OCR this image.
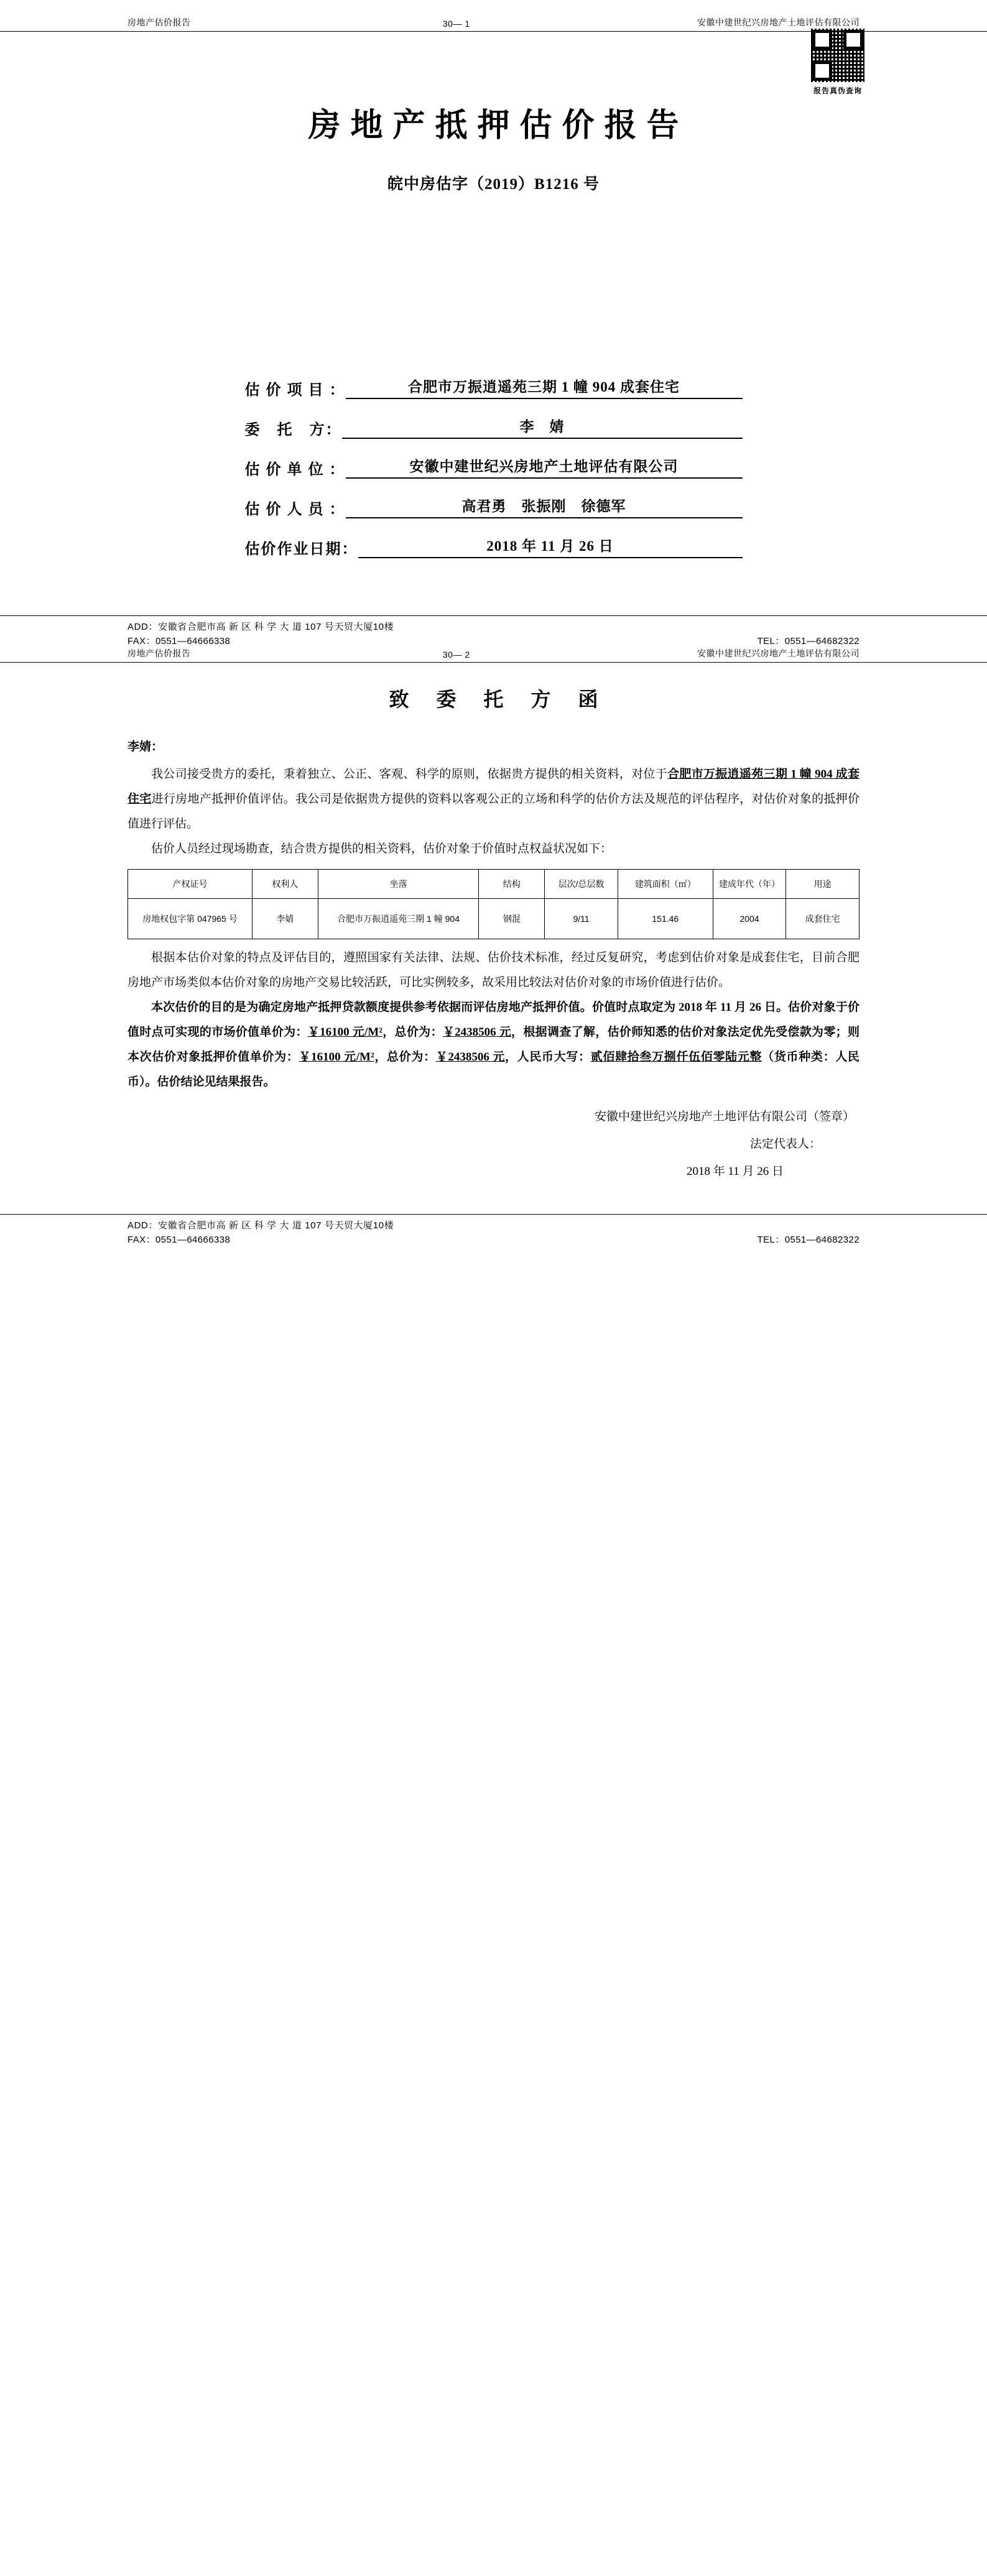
房地产估价报告	30— 1	安徽中建世纪兴房地产土地评估有限公司
报告真伪查询
房地产抵押估价报告
皖中房估字（2019）B1216 号
估 价 项 目 ：	合肥市万振逍遥苑三期 1 幢 904 成套住宅
委　托　方：	李　婧
估 价 单 位 ：	安徽中建世纪兴房地产土地评估有限公司
估 价 人 员 ：	高君勇　张振刚　徐德军
估价作业日期：	2018 年 11 月 26 日
ADD：安徽省合肥市高 新 区 科 学 大 道 107 号天贸大厦10楼
FAX：0551—64666338	TEL：0551—64682322
房地产估价报告	30— 2	安徽中建世纪兴房地产土地评估有限公司
致 委 托 方 函
李婧：

我公司接受贵方的委托，秉着独立、公正、客观、科学的原则，依据贵方提供的相关资料，对位于合肥市万振逍遥苑三期 1 幢 904 成套住宅进行房地产抵押价值评估。我公司是依据贵方提供的资料以客观公正的立场和科学的估价方法及规范的评估程序，对估价对象的抵押价值进行评估。

估价人员经过现场勘查，结合贵方提供的相关资料，估价对象于价值时点权益状况如下：

产权证号	权利人	坐落	结构	层次/总层数	建筑面积（㎡）	建成年代（年）	用途
房地权包字第 047965 号	李婧	合肥市万振逍遥苑三期 1 幢 904	钢混	9/11	151.46	2004	成套住宅

根据本估价对象的特点及评估目的，遵照国家有关法律、法规、估价技术标准，经过反复研究，考虑到估价对象是成套住宅，目前合肥房地产市场类似本估价对象的房地产交易比较活跃，可比实例较多，故采用比较法对估价对象的市场价值进行估价。

本次估价的目的是为确定房地产抵押贷款额度提供参考依据而评估房地产抵押价值。价值时点取定为 2018 年 11 月 26 日。估价对象于价值时点可实现的市场价值单价为：￥16100 元/M²，总价为：￥2438506 元，根据调查了解，估价师知悉的估价对象法定优先受偿款为零；则本次估价对象抵押价值单价为：￥16100 元/M²，总价为：￥2438506 元，人民币大写：贰佰肆拾叁万捌仟伍佰零陆元整（货币种类：人民币）。估价结论见结果报告。

安徽中建世纪兴房地产土地评估有限公司（签章）
法定代表人：
2018 年 11 月 26 日
ADD：安徽省合肥市高 新 区 科 学 大 道 107 号天贸大厦10楼
FAX：0551—64666338	TEL：0551—64682322
